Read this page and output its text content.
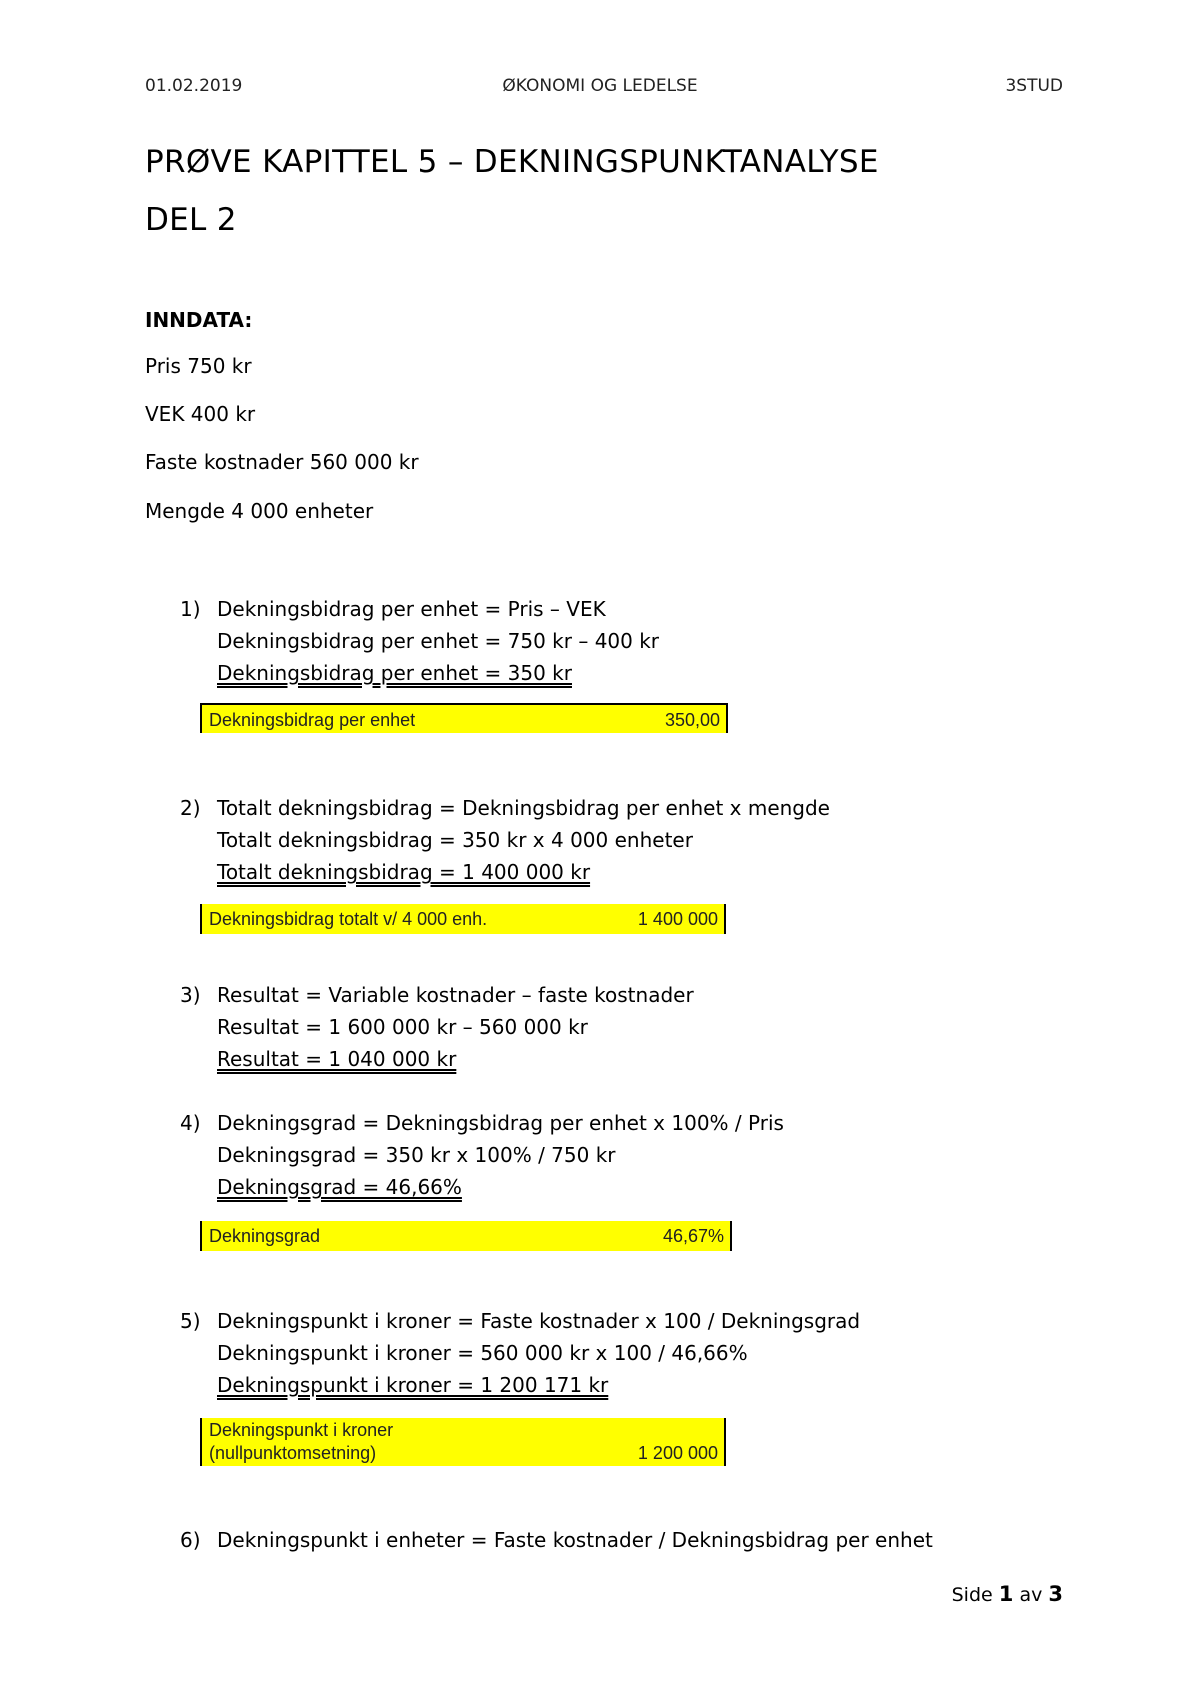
01.02.2019	ØKONOMI OG LEDELSE	3STUD
PRØVE KAPITTEL 5 – DEKNINGSPUNKTANALYSE
DEL 2
INNDATA:
Pris 750 kr
VEK 400 kr
Faste kostnader 560 000 kr
Mengde 4 000 enheter
1) Dekningsbidrag per enhet = Pris – VEK
Dekningsbidrag per enhet = 750 kr – 400 kr
Dekningsbidrag per enhet = 350 kr
Dekningsbidrag per enhet	350,00
2) Totalt dekningsbidrag = Dekningsbidrag per enhet x mengde
Totalt dekningsbidrag = 350 kr x 4 000 enheter
Totalt dekningsbidrag = 1 400 000 kr
Dekningsbidrag totalt v/ 4 000 enh.	1 400 000
3) Resultat = Variable kostnader – faste kostnader
Resultat = 1 600 000 kr – 560 000 kr
Resultat = 1 040 000 kr
4) Dekningsgrad = Dekningsbidrag per enhet x 100% / Pris
Dekningsgrad = 350 kr x 100% / 750 kr
Dekningsgrad = 46,66%
Dekningsgrad	46,67%
5) Dekningspunkt i kroner = Faste kostnader x 100 / Dekningsgrad
Dekningspunkt i kroner = 560 000 kr x 100 / 46,66%
Dekningspunkt i kroner = 1 200 171 kr
Dekningspunkt i kroner
(nullpunktomsetning)	1 200 000
6) Dekningspunkt i enheter = Faste kostnader / Dekningsbidrag per enhet
Side 1 av 3
